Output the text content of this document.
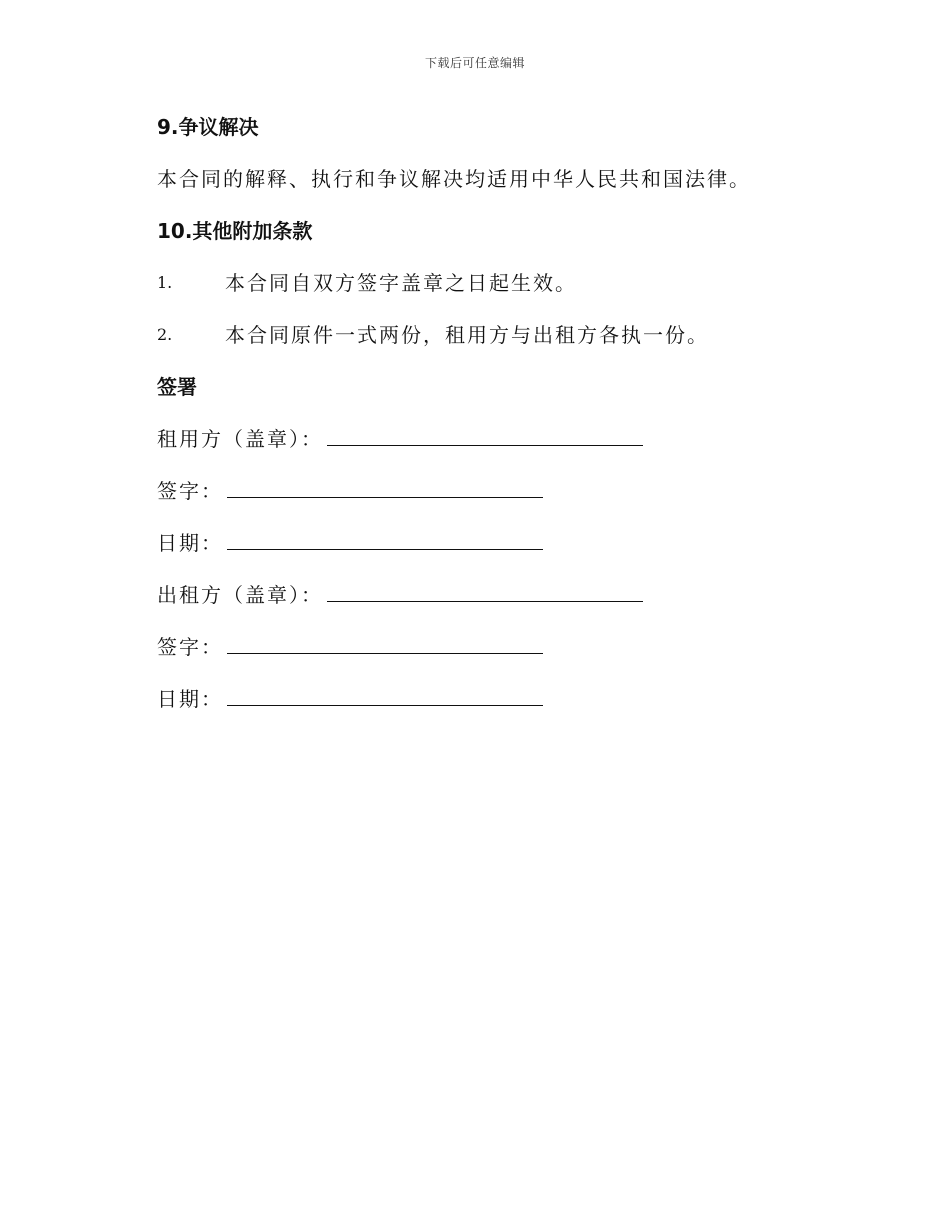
下载后可任意编辑
9.争议解决
本合同的解释、执行和争议解决均适用中华人民共和国法律。
10.其他附加条款
1.	本合同自双方签字盖章之日起生效。
2.	本合同原件一式两份，租用方与出租方各执一份。
签署
租用方（盖章）：
签字：
日期：
出租方（盖章）：
签字：
日期：
